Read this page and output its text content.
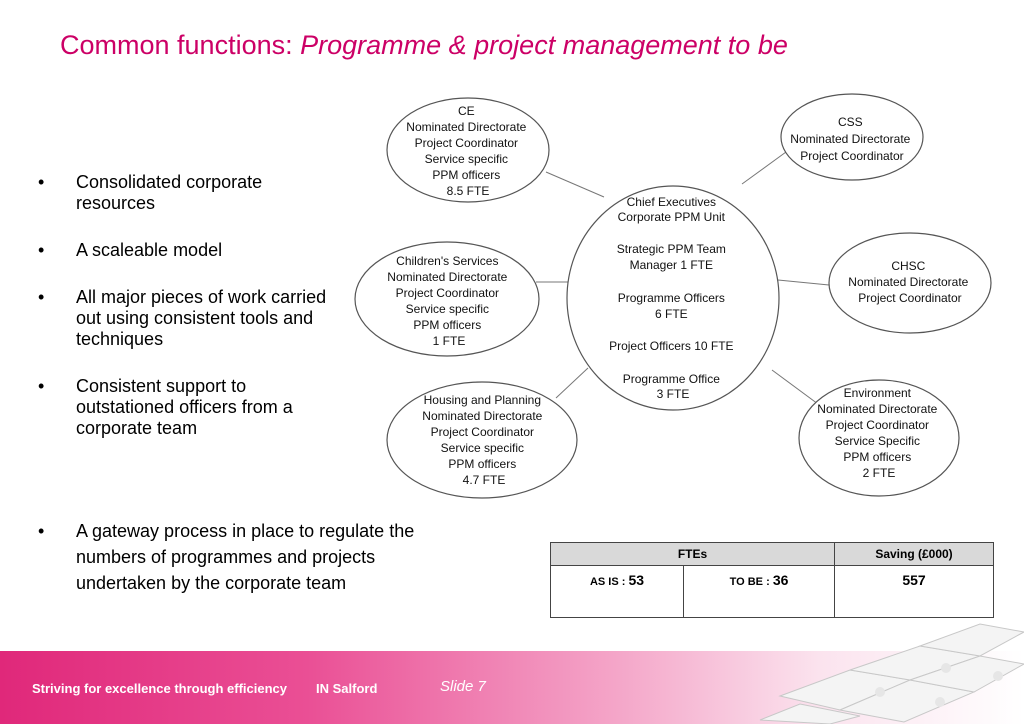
Common functions: Programme & project management to be
• Consolidated corporate resources
• A scaleable model
• All major pieces of work carried out using consistent tools and techniques
• Consistent support to outstationed officers from a corporate team
• A gateway process in place to regulate the numbers of programmes and projects undertaken by the corporate team
Chief Executives Corporate PPM Unit Strategic PPM Team Manager 1 FTE Programme Officers 6 FTE Project Officers 10 FTE Programme Office 3 FTE
CE Nominated Directorate Project Coordinator Service specific PPM officers 8.5 FTE
CSS Nominated Directorate Project Coordinator
Children's Services Nominated Directorate Project Coordinator Service specific PPM officers 1 FTE
CHSC Nominated Directorate Project Coordinator
Housing and Planning Nominated Directorate Project Coordinator Service specific PPM officers 4.7 FTE
Environment Nominated Directorate Project Coordinator Service Specific PPM officers 2 FTE
FTEs		Saving (£000)
AS IS : 53	TO BE : 36	557
Striving for excellence through efficiency IN Salford	Slide 7
